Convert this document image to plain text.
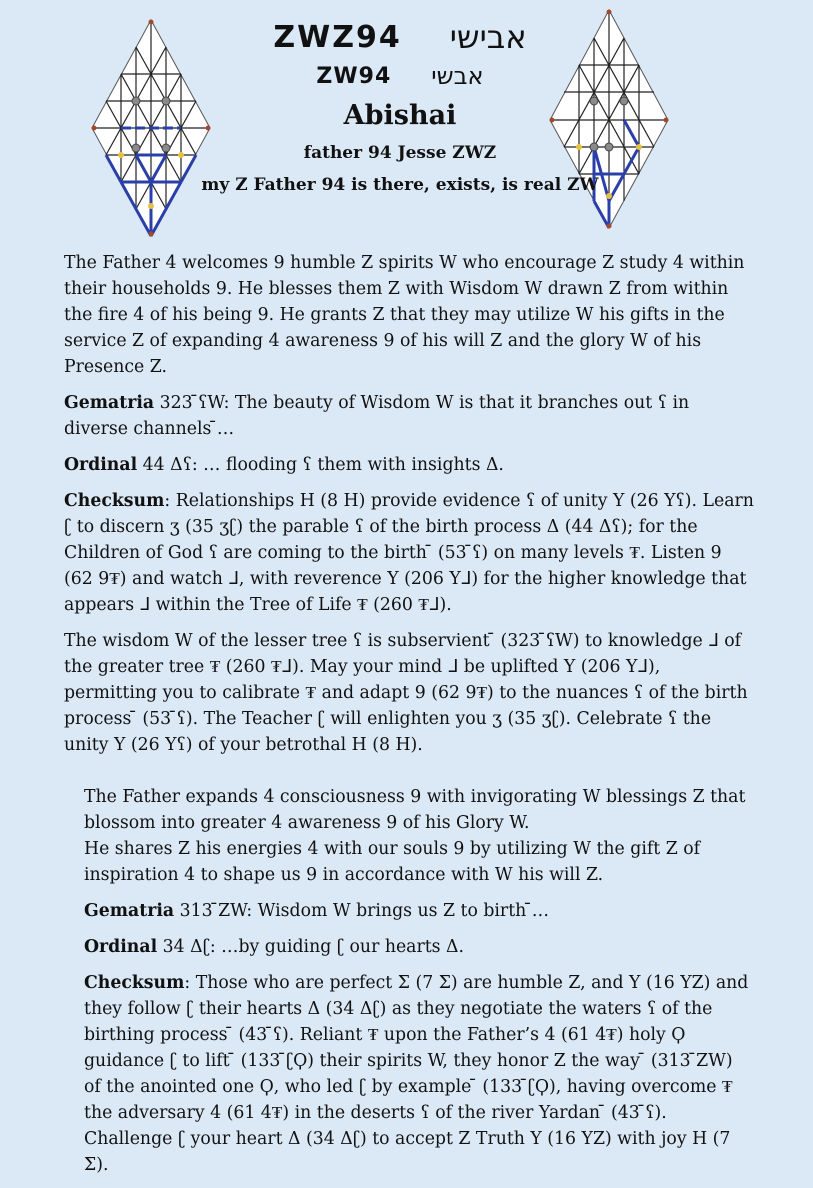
ZWZ94 אבישי
ZW94 אבשי
Abishai
father 94 Jesse ZWZ
my Z Father 94 is there, exists, is real ZW

The Father 4 welcomes 9 humble Z spirits W who encourage Z study 4 within their households 9. He blesses them Z with Wisdom W drawn Z from within the fire 4 of his being 9. He grants Z that they may utilize W his gifts in the service Z of expanding 4 awareness 9 of his will Z and the glory W of his Presence Z.

Gematria 323 ̄ʕW: The beauty of Wisdom W is that it branches out ʕ in diverse channels ̄…

Ordinal 44 Δʕ: … flooding ʕ them with insights Δ.

Checksum: Relationships H (8 H) provide evidence ʕ of unity Y (26 Yʕ). Learn ʗ to discern ʒ (35 ʒʗ) the parable ʕ of the birth process Δ (44 Δʕ); for the Children of God ʕ are coming to the birth ̄ (53 ̄ʕ) on many levels ₮. Listen 9 (62 9₮) and watch ᒧ, with reverence Y (206 Yᒧ) for the higher knowledge that appears ᒧ within the Tree of Life ₮ (260 ₮ᒧ).

The wisdom W of the lesser tree ʕ is subservient ̄ (323 ̄ʕW) to knowledge ᒧ of the greater tree ₮ (260 ₮ᒧ). May your mind ᒧ be uplifted Y (206 Yᒧ), permitting you to calibrate ₮ and adapt 9 (62 9₮) to the nuances ʕ of the birth process ̄ (53 ̄ʕ). The Teacher ʗ will enlighten you ʒ (35 ʒʗ). Celebrate ʕ the unity Y (26 Yʕ) of your betrothal H (8 H).

The Father expands 4 consciousness 9 with invigorating W blessings Z that blossom into greater 4 awareness 9 of his Glory W.

He shares Z his energies 4 with our souls 9 by utilizing W the gift Z of inspiration 4 to shape us 9 in accordance with W his will Z.

Gematria 313 ̄ZW: Wisdom W brings us Z to birth ̄…

Ordinal 34 Δʗ: …by guiding ʗ our hearts Δ.

Checksum: Those who are perfect Σ (7 Σ) are humble Z, and Y (16 YZ) and they follow ʗ their hearts Δ (34 Δʗ) as they negotiate the waters ʕ of the birthing process ̄ (43 ̄ʕ). Reliant ₮ upon the Father’s 4 (61 4₮) holy Ϙ guidance ʗ to lift ̄ (133 ̄ʗϘ) their spirits W, they honor Z the way ̄ (313 ̄ZW) of the anointed one Ϙ, who led ʗ by example ̄ (133 ̄ʗϘ), having overcome ₮ the adversary 4 (61 4₮) in the deserts ʕ of the river Yardan ̄ (43 ̄ʕ). Challenge ʗ your heart Δ (34 Δʗ) to accept Z Truth Y (16 YZ) with joy H (7 Σ).
